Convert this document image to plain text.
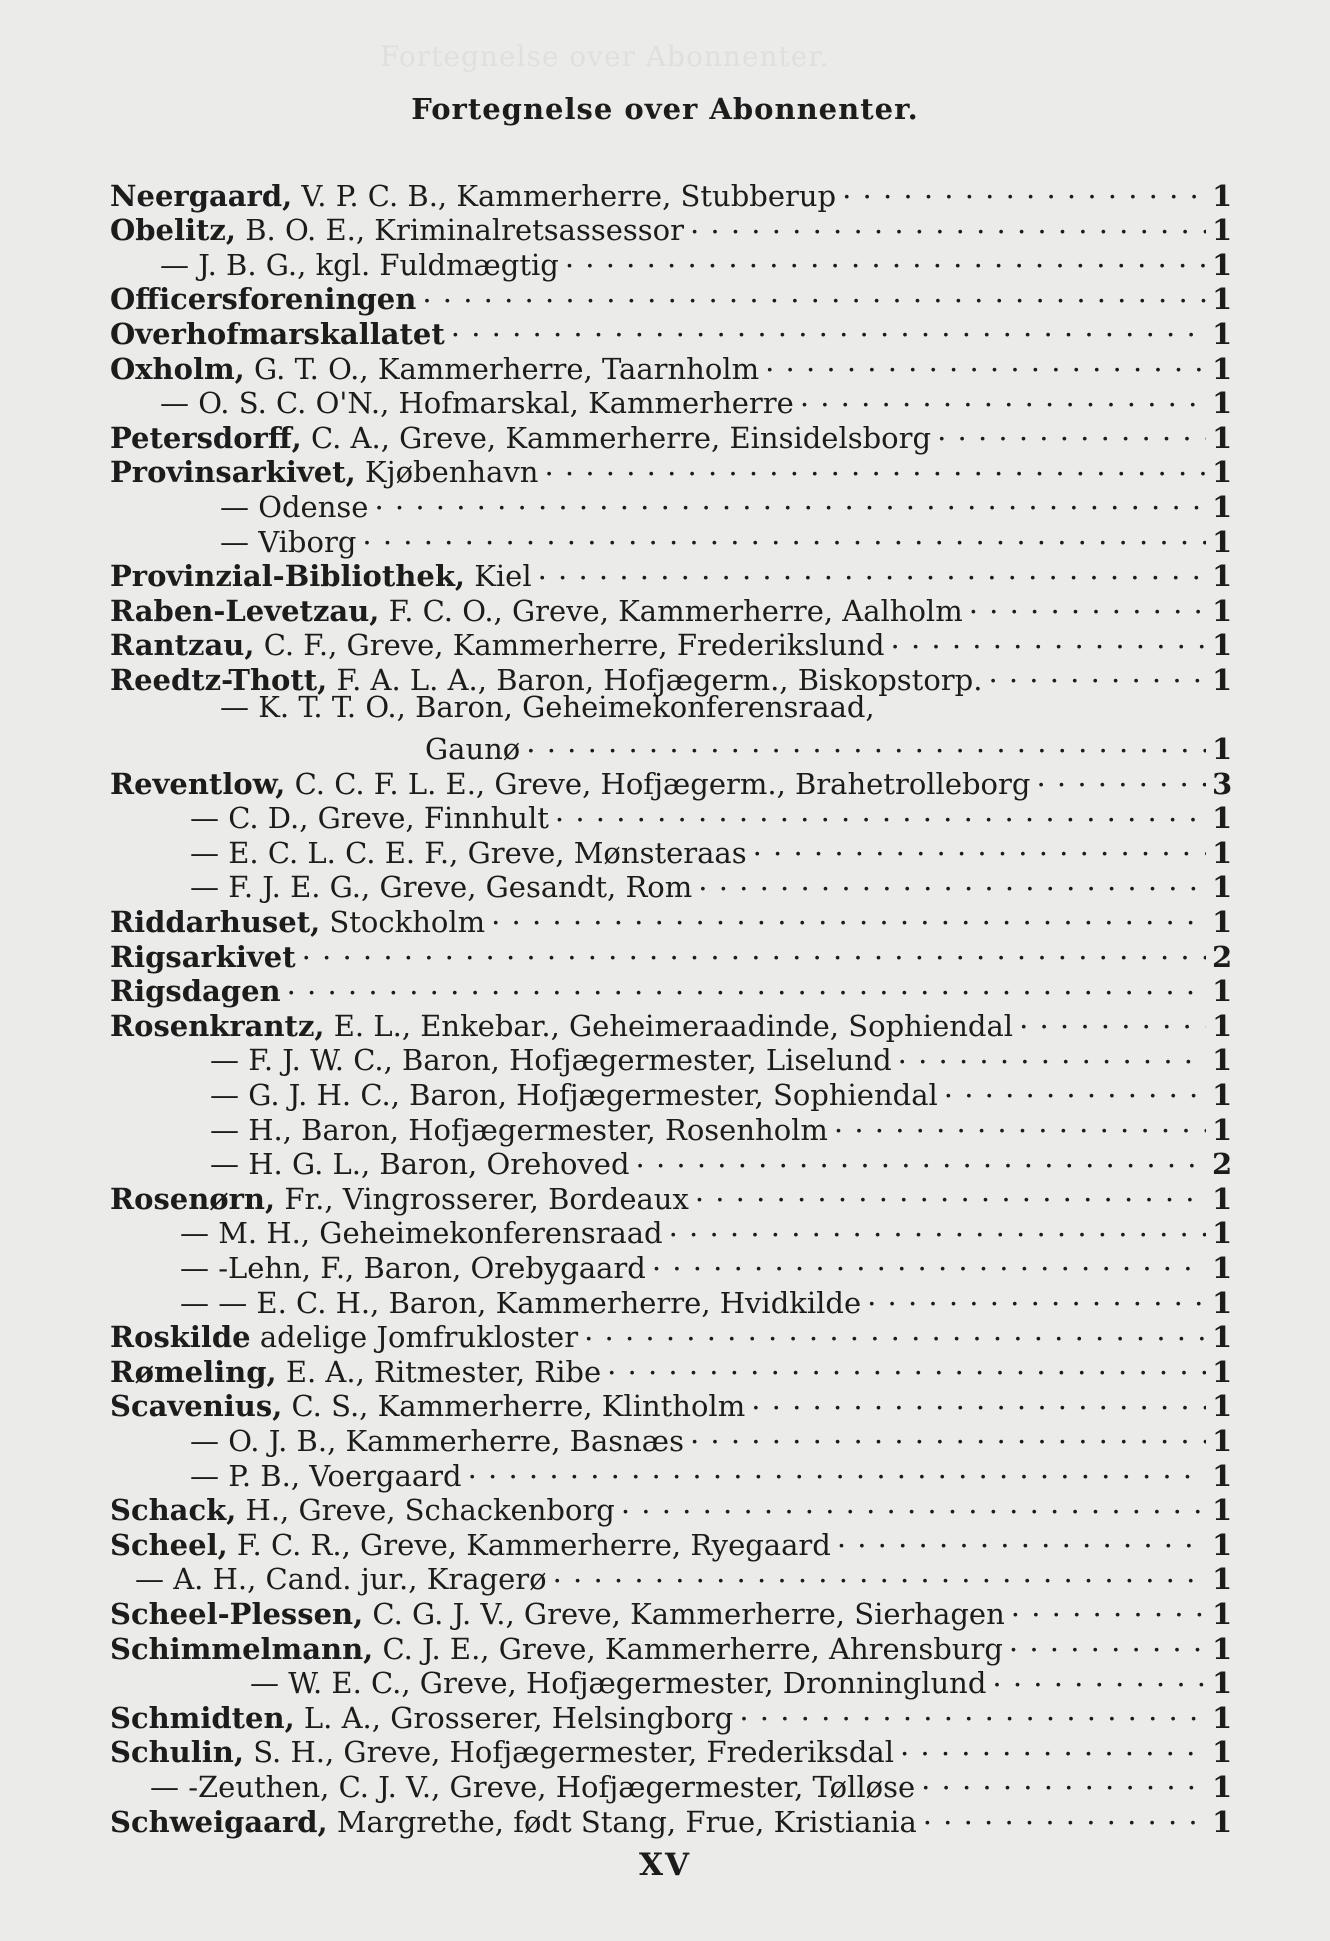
Fortegnelse over Abonnenter.
Fortegnelse over Abonnenter.
Neergaard, V. P. C. B., Kammerherre, Stubberup . . .	1
Obelitz, B. O. E., Kriminalretsassessor . . .	1
— J. B. G., kgl. Fuldmægtig . . .	1
Officersforeningen . . .	1
Overhofmarskallatet . . .	1
Oxholm, G. T. O., Kammerherre, Taarnholm . . .	1
— O. S. C. O'N., Hofmarskal, Kammerherre . . .	1
Petersdorff, C. A., Greve, Kammerherre, Einsidelsborg . . .	1
Provinsarkivet, Kjøbenhavn . . .	1
— Odense . . .	1
— Viborg . . .	1
Provinzial-Bibliothek, Kiel . . .	1
Raben-Levetzau, F. C. O., Greve, Kammerherre, Aalholm . . .	1
Rantzau, C. F., Greve, Kammerherre, Frederikslund . . .	1
Reedtz-Thott, F. A. L. A., Baron, Hofjægerm., Biskopstorp. . . .	1
— K. T. T. O., Baron, Geheimekonferensraad,
Gaunø . . .	1
Reventlow, C. C. F. L. E., Greve, Hofjægerm., Brahetrolleborg . . .	3
— C. D., Greve, Finnhult . . .	1
— E. C. L. C. E. F., Greve, Mønsteraas . . .	1
— F. J. E. G., Greve, Gesandt, Rom . . .	1
Riddarhuset, Stockholm . . .	1
Rigsarkivet . . .	2
Rigsdagen . . .	1
Rosenkrantz, E. L., Enkebar., Geheimeraadinde, Sophiendal . . .	1
— F. J. W. C., Baron, Hofjægermester, Liselund . . .	1
— G. J. H. C., Baron, Hofjægermester, Sophiendal . . .	1
— H., Baron, Hofjægermester, Rosenholm . . .	1
— H. G. L., Baron, Orehoved . . .	2
Rosenørn, Fr., Vingrosserer, Bordeaux . . .	1
— M. H., Geheimekonferensraad . . .	1
— -Lehn, F., Baron, Orebygaard . . .	1
— — E. C. H., Baron, Kammerherre, Hvidkilde . . .	1
Roskilde adelige Jomfrukloster . . .	1
Rømeling, E. A., Ritmester, Ribe . . .	1
Scavenius, C. S., Kammerherre, Klintholm . . .	1
— O. J. B., Kammerherre, Basnæs . . .	1
— P. B., Voergaard . . .	1
Schack, H., Greve, Schackenborg . . .	1
Scheel, F. C. R., Greve, Kammerherre, Ryegaard . . .	1
— A. H., Cand. jur., Kragerø . . .	1
Scheel-Plessen, C. G. J. V., Greve, Kammerherre, Sierhagen . . .	1
Schimmelmann, C. J. E., Greve, Kammerherre, Ahrensburg . . .	1
— W. E. C., Greve, Hofjægermester, Dronninglund . . .	1
Schmidten, L. A., Grosserer, Helsingborg . . .	1
Schulin, S. H., Greve, Hofjægermester, Frederiksdal . . .	1
— -Zeuthen, C. J. V., Greve, Hofjægermester, Tølløse . . .	1
Schweigaard, Margrethe, født Stang, Frue, Kristiania . . .	1
XV
